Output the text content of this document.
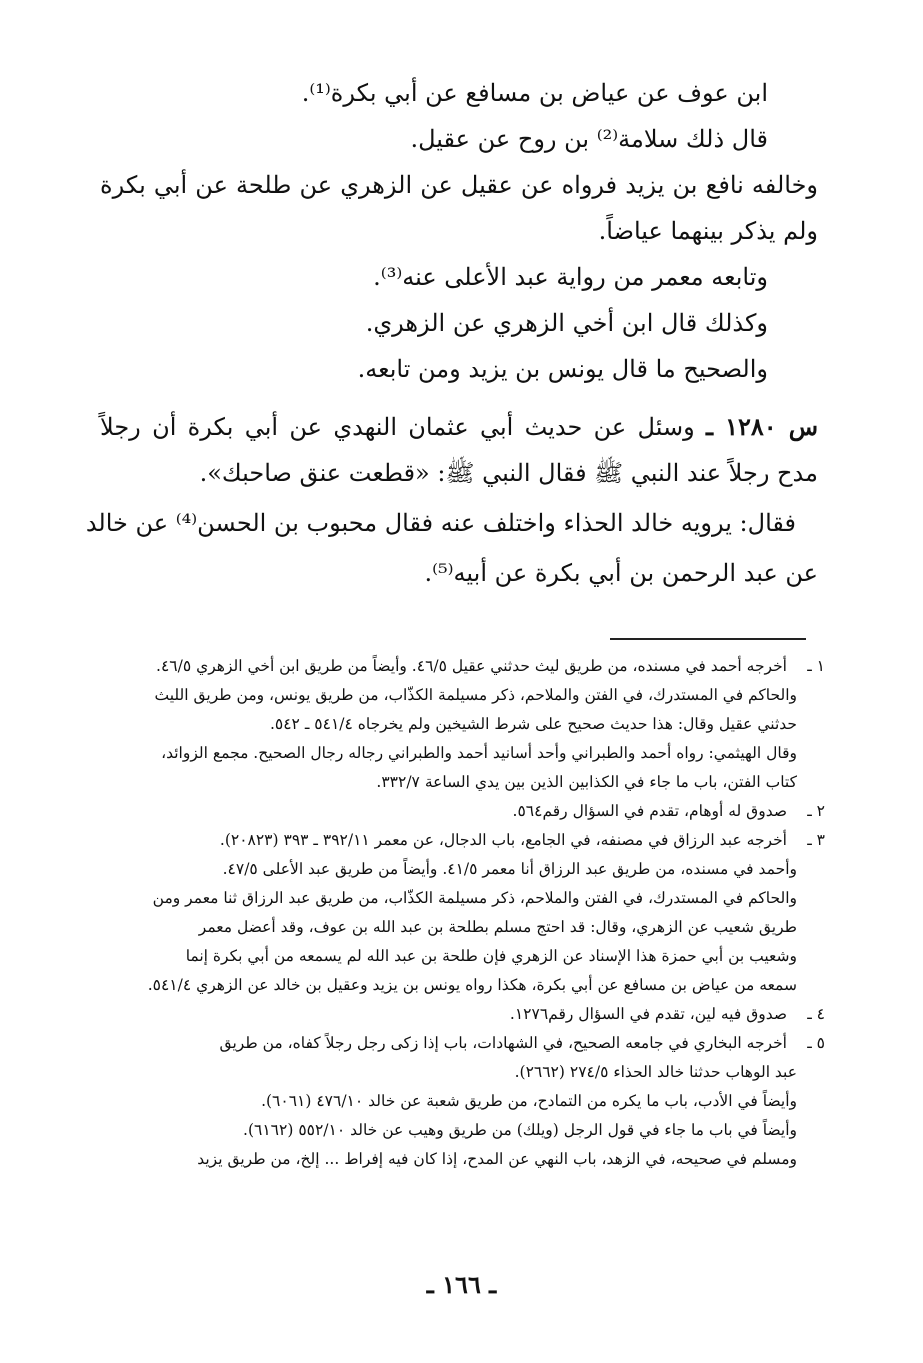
ابن عوف عن عياض بن مسافع عن أبي بكرة⁽¹⁾.

قال ذلك سلامة⁽²⁾ بن روح عن عقيل.

وخالفه نافع بن يزيد فرواه عن عقيل عن الزهري عن طلحة عن أبي بكرة

ولم يذكر بينهما عياضاً.

وتابعه معمر من رواية عبد الأعلى عنه⁽³⁾.

وكذلك قال ابن أخي الزهري عن الزهري.

والصحيح ما قال يونس بن يزيد ومن تابعه.

س ١٢٨٠ ـ وسئل عن حديث أبي عثمان النهدي عن أبي بكرة أن رجلاً

مدح رجلاً عند النبي ﷺ فقال النبي ﷺ: «قطعت عنق صاحبك».

فقال: يرويه خالد الحذاء واختلف عنه فقال محبوب بن الحسن⁽⁴⁾ عن خالد

عن عبد الرحمن بن أبي بكرة عن أبيه⁽⁵⁾.

١ ـأخرجه أحمد في مسنده، من طريق ليث حدثني عقيل ٤٦/٥. وأيضاً من طريق ابن أخي الزهري ٤٦/٥.
والحاكم في المستدرك، في الفتن والملاحم، ذكر مسيلمة الكذّاب، من طريق يونس، ومن طريق الليث
حدثني عقيل وقال: هذا حديث صحيح على شرط الشيخين ولم يخرجاه ٥٤١/٤ ـ ٥٤٢.
وقال الهيثمي: رواه أحمد والطبراني وأحد أسانيد أحمد والطبراني رجاله رجال الصحيح. مجمع الزوائد،
كتاب الفتن، باب ما جاء في الكذابين الذين بين يدي الساعة ٣٣٢/٧.
٢ ـصدوق له أوهام، تقدم في السؤال رقم٥٦٤.
٣ ـأخرجه عبد الرزاق في مصنفه، في الجامع، باب الدجال، عن معمر ٣٩٢/١١ ـ ٣٩٣ (٢٠٨٢٣).
وأحمد في مسنده، من طريق عبد الرزاق أنا معمر ٤١/٥. وأيضاً من طريق عبد الأعلى ٤٧/٥.
والحاكم في المستدرك، في الفتن والملاحم، ذكر مسيلمة الكذّاب، من طريق عبد الرزاق ثنا معمر ومن
طريق شعيب عن الزهري، وقال: قد احتج مسلم بطلحة بن عبد الله بن عوف، وقد أعضل معمر
وشعيب بن أبي حمزة هذا الإسناد عن الزهري فإن طلحة بن عبد الله لم يسمعه من أبي بكرة إنما
سمعه من عياض بن مسافع عن أبي بكرة، هكذا رواه يونس بن يزيد وعقيل بن خالد عن الزهري ٥٤١/٤.
٤ ـصدوق فيه لين، تقدم في السؤال رقم١٢٧٦.
٥ ـأخرجه البخاري في جامعه الصحيح، في الشهادات، باب إذا زكى رجل رجلاً كفاه، من طريق
عبد الوهاب حدثنا خالد الحذاء ٢٧٤/٥ (٢٦٦٢).
وأيضاً في الأدب، باب ما يكره من التمادح، من طريق شعبة عن خالد ٤٧٦/١٠ (٦٠٦١).
وأيضاً في باب ما جاء في قول الرجل (ويلك) من طريق وهيب عن خالد ٥٥٢/١٠ (٦١٦٢).
ومسلم في صحيحه، في الزهد، باب النهي عن المدح، إذا كان فيه إفراط ... إلخ، من طريق يزيد
ـ ١٦٦ ـ
